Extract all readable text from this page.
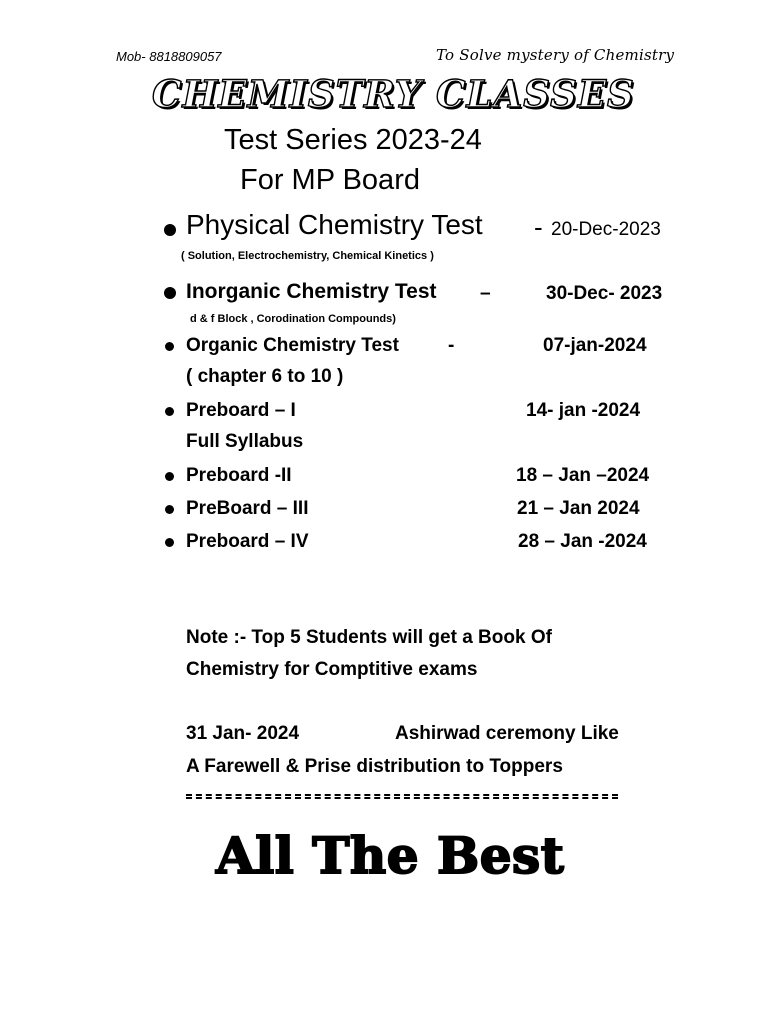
Mob- 8818809057	To Solve mystery of Chemistry
CHEMISTRY CLASSES
Test Series 2023-24
For MP Board
Physical Chemistry Test - 20-Dec-2023
( Solution, Electrochemistry, Chemical Kinetics )
Inorganic Chemistry Test –	30-Dec- 2023
d & f Block , Corodination Compounds)
Organic Chemistry Test	-	07-jan-2024
( chapter 6 to 10 )
Preboard – I	14- jan -2024
Full Syllabus
Preboard -II	18 – Jan –2024
PreBoard – III	21 – Jan 2024
Preboard – IV	28 – Jan -2024
Note :- Top 5 Students will get a Book Of
Chemistry for Comptitive exams
31 Jan- 2024	Ashirwad ceremony Like
A Farewell & Prise distribution to Toppers
All The Best
